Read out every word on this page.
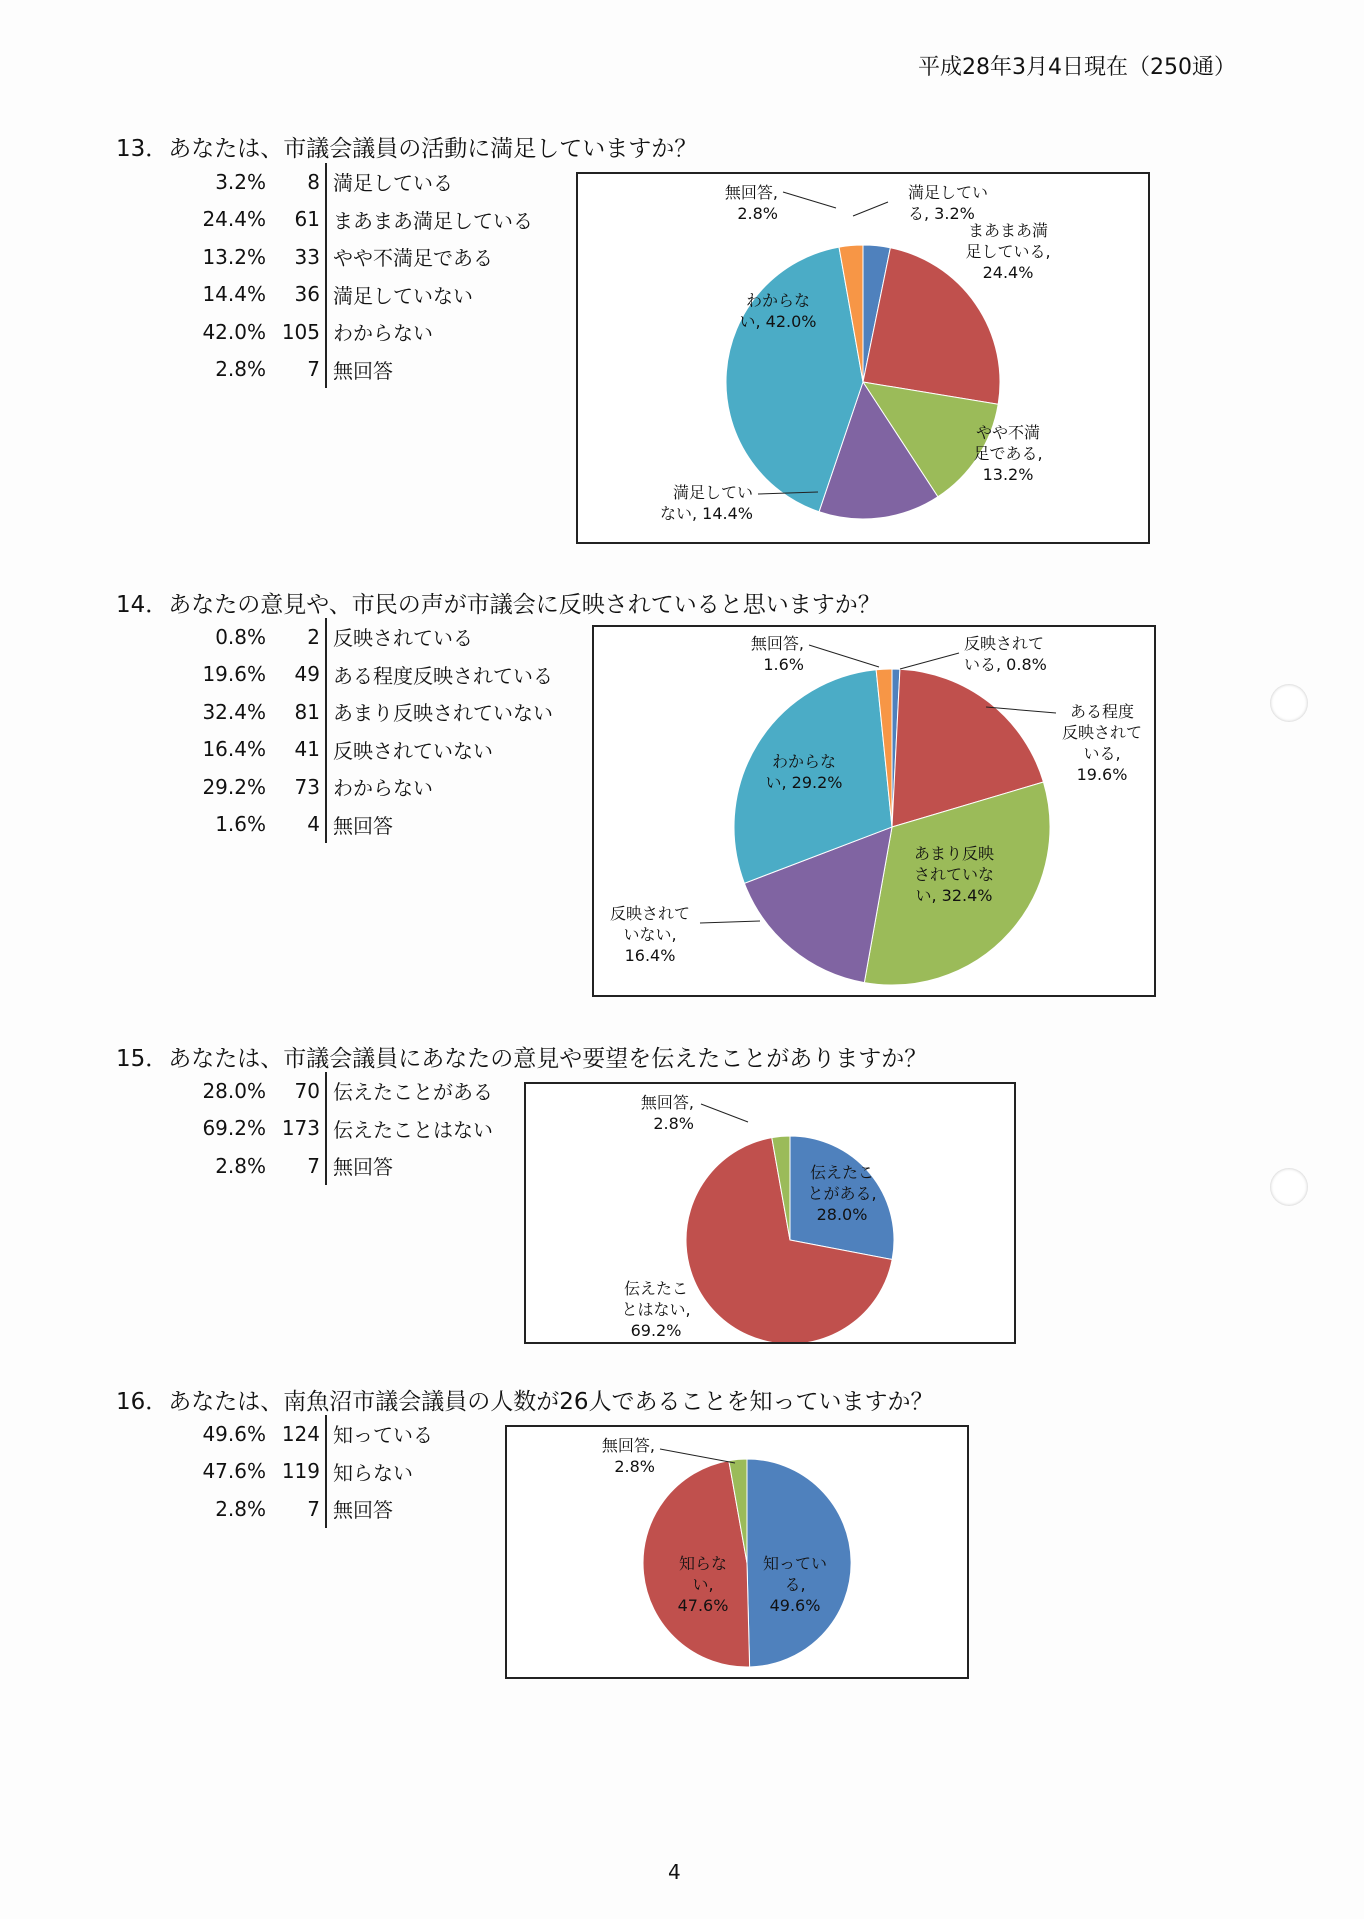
平成28年3月4日現在（250通）
13．あなたは、市議会議員の活動に満足していますか？
3.2%	8 満足している
24.4%	61 まあまあ満足している
13.2%	33 やや不満足である
14.4%	36 満足していない
42.0% 105 わからない
2.8%	7 無回答
満足している, 3.2%
まあまあ満足している, 24.4%
やや不満足である, 13.2%
満足していない, 14.4%
わからない, 42.0%
無回答, 2.8%
14．あなたの意見や、市民の声が市議会に反映されていると思いますか？
0.8%	2 反映されている
19.6%	49 ある程度反映されている
32.4%	81 あまり反映されていない
16.4%	41 反映されていない
29.2%	73 わからない
1.6%	4 無回答
反映されている, 0.8%
ある程度反映されている, 19.6%
あまり反映されていない, 32.4%
反映されていない, 16.4%
わからない, 29.2%
無回答, 1.6%
15．あなたは、市議会議員にあなたの意見や要望を伝えたことがありますか？
28.0%	70 伝えたことがある
69.2% 173 伝えたことはない
2.8%	7 無回答	伝えたことがある, 28.0%
伝えたことはない, 69.2%
無回答, 2.8%
16．あなたは、南魚沼市議会議員の人数が26人であることを知っていますか？
49.6% 124 知っている
47.6% 119 知らない
2.8%	7 無回答
知っている, 49.6%
知らない, 47.6%
無回答, 2.8%
4
